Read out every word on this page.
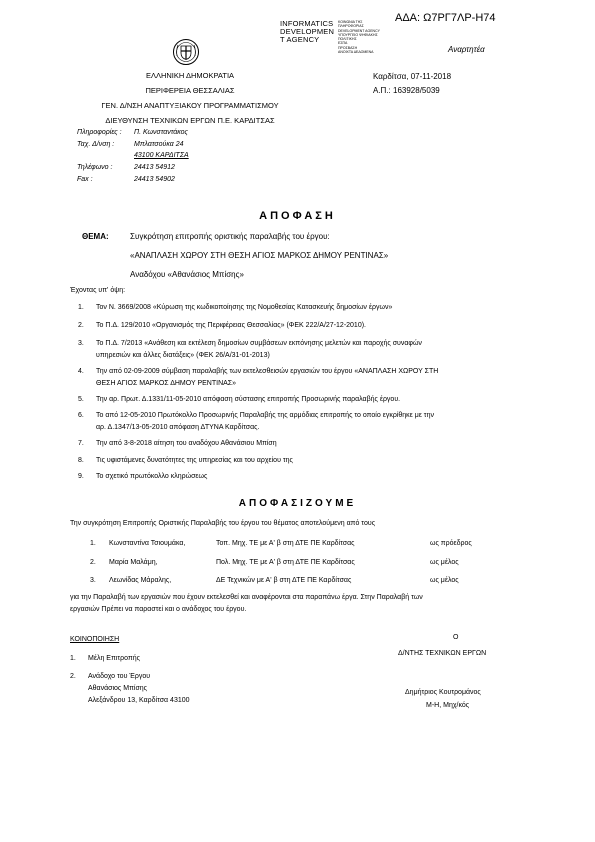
ΑΔΑ: Ω7ΡΓ7ΛΡ-Η74
INFORMATICS
DEVELOPMEN
T AGENCY
ΚΟΙΝΩΝΙΑ ΤΗΣ
ΠΛΗΡΟΦΟΡΙΑΣ
DEVELOPMENT AGENCY
ΥΠΟΥΡΓΕΙΟ ΨΗΦΙΑΚΗΣ
ΠΟΛΙΤΙΚΗΣ
ΕΣΠΑ
ΠΡΟΣΒΑΣΗ
ΑΝΟΙΧΤΑ ΔΕΔΟΜΕΝΑ	Αναρτητέα
ΕΛΛΗΝΙΚΗ ΔΗΜΟΚΡΑΤΙΑ
ΠΕΡΙΦΕΡΕΙΑ ΘΕΣΣΑΛΙΑΣ
ΓΕΝ. Δ/ΝΣΗ ΑΝΑΠΤΥΞΙΑΚΟΥ ΠΡΟΓΡΑΜΜΑΤΙΣΜΟΥ
ΔΙΕΥΘΥΝΣΗ ΤΕΧΝΙΚΩΝ ΕΡΓΩΝ Π.Ε. ΚΑΡΔΙΤΣΑΣ
Καρδίτσα, 07-11-2018
Α.Π.: 163928/5039
Πληροφορίες : Π. Κωνσταντάκος
Ταχ. Δ/νση :	Μπλατσούκα 24
43100 ΚΑΡΔΙΤΣΑ
Τηλέφωνο :	24413 54912
Fax :	24413 54902
ΑΠΟΦΑΣΗ
ΘΕΜΑ:	Συγκρότηση επιτροπής οριστικής παραλαβής του έργου:
«ΑΝΑΠΛΑΣΗ ΧΩΡΟΥ ΣΤΗ ΘΕΣΗ ΑΓΙΟΣ ΜΑΡΚΟΣ ΔΗΜΟΥ ΡΕΝΤΙΝΑΣ»
Αναδόχου «Αθανάσιος Μπίσης»
Έχοντας υπ' όψη:
1. Τον Ν. 3669/2008 «Κύρωση της κωδικοποίησης της Νομοθεσίας Κατασκευής δημοσίων έργων»
2. Το Π.Δ. 129/2010 «Οργανισμός της Περιφέρειας Θεσσαλίας» (ΦΕΚ 222/Α/27-12-2010).
3. Το Π.Δ. 7/2013 «Ανάθεση και εκτέλεση δημοσίων συμβάσεων εκπόνησης μελετών και παροχής συναφών
υπηρεσιών και άλλες διατάξεις» (ΦΕΚ 26/Α/31-01-2013)
4. Την από 02-09-2009 σύμβαση παραλαβής των εκτελεσθεισών εργασιών του έργου «ΑΝΑΠΛΑΣΗ ΧΩΡΟΥ ΣΤΗ
ΘΕΣΗ ΑΓΙΟΣ ΜΑΡΚΟΣ ΔΗΜΟΥ ΡΕΝΤΙΝΑΣ»
5. Την αρ. Πρωτ. Δ.1331/11-05-2010 απόφαση σύστασης επιτροπής Προσωρινής παραλαβής έργου.
6. Το από 12-05-2010 Πρωτόκολλο Προσωρινής Παραλαβής της αρμόδιας επιτροπής το οποίο εγκρίθηκε με την
αρ. Δ.1347/13-05-2010 απόφαση ΔΤΥΝΑ Καρδίτσας.
7. Την από 3-8-2018 αίτηση του αναδόχου Αθανάσιου Μπίση
8. Τις υφιστάμενες δυνατότητες της υπηρεσίας και του αρχείου της
9. Το σχετικό πρωτόκολλο κληρώσεως
ΑΠΟΦΑΣΙΖΟΥΜΕ
Την συγκρότηση Επιτροπής Οριστικής Παραλαβής του έργου του θέματος αποτελούμενη από τους
1. Κωνσταντίνα Τσιουμάκα,	Τοπ. Μηχ. ΤΕ με Α' β στη ΔΤΕ ΠΕ Καρδίτσας	ως πρόεδρος
2. Μαρία Μαλάμη,	Πολ. Μηχ. ΤΕ με Α' β στη ΔΤΕ ΠΕ Καρδίτσας	ως μέλος
3. Λεωνίδας Μάραλης,	ΔΕ Τεχνικών με Α' β στη ΔΤΕ ΠΕ Καρδίτσας	ως μέλος
για την Παραλαβή των εργασιών που έχουν εκτελεσθεί και αναφέρονται στα παραπάνω έργα. Στην Παραλαβή των
εργασιών Πρέπει να παραστεί και ο ανάδοχος του έργου.
ΚΟΙΝΟΠΟΙΗΣΗ
1. Μέλη Επιτροπής
2. Ανάδοχο του Έργου
Αθανάσιος Μπίσης
Αλεξάνδρου 13, Καρδίτσα 43100
Ο
Δ/ΝΤΗΣ ΤΕΧΝΙΚΩΝ ΕΡΓΩΝ
Δημήτριος Κουτρομάνος
Μ-Η, Μηχ/κός
